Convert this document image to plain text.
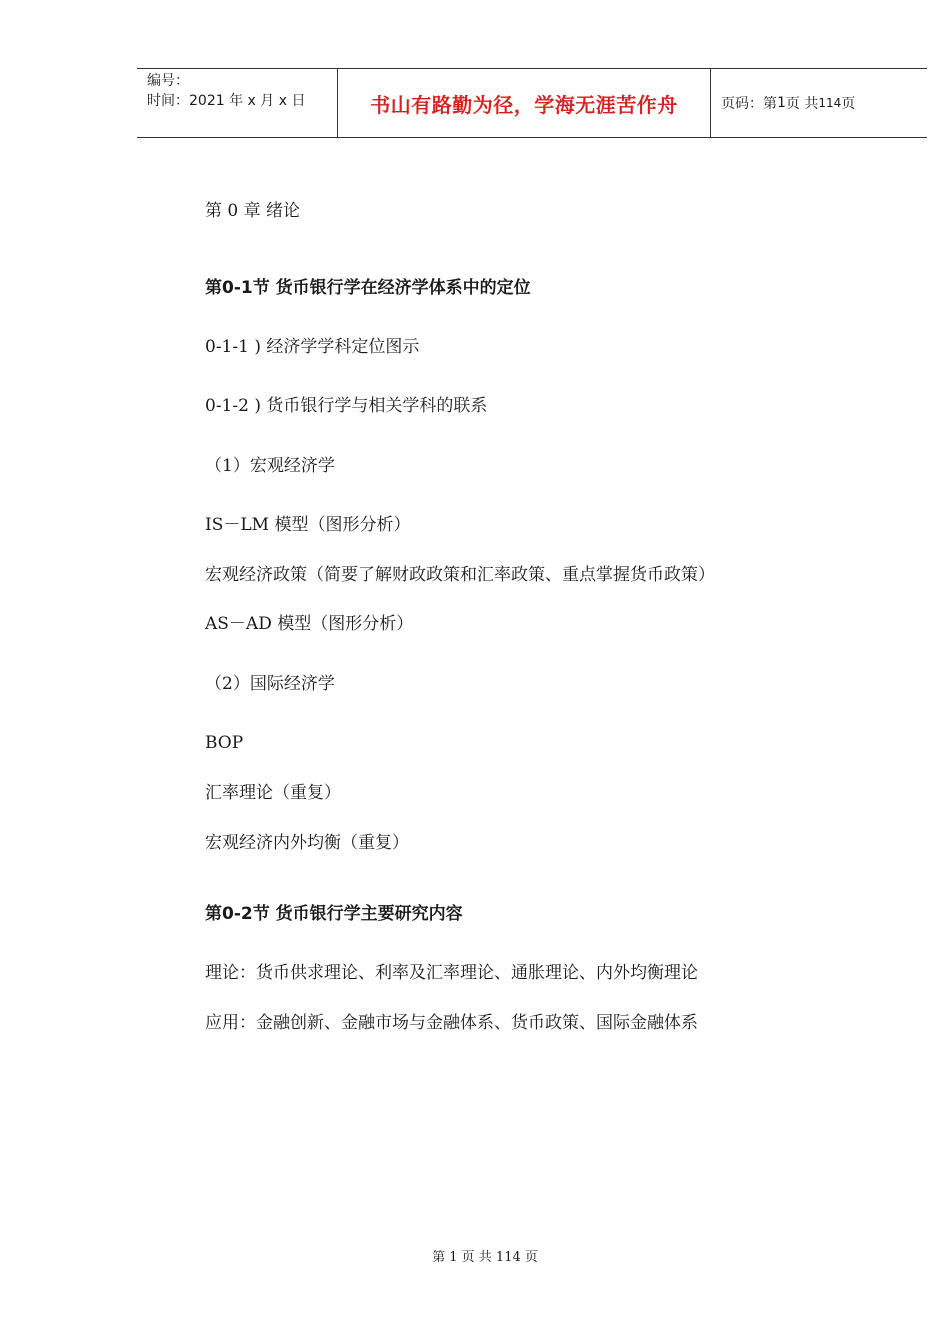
编号：
时间：2021 年 x 月 x 日	书山有路勤为径，学海无涯苦作舟	页码：第 1 页 共 114 页
第 0 章 绪论
第0-1节 货币银行学在经济学体系中的定位
0-1-1 ) 经济学学科定位图示
0-1-2 ) 货币银行学与相关学科的联系
（1）宏观经济学
IS－LM 模型（图形分析）
宏观经济政策（简要了解财政政策和汇率政策、重点掌握货币政策）
AS－AD 模型（图形分析）
（2）国际经济学
BOP
汇率理论（重复）
宏观经济内外均衡（重复）
第0-2节 货币银行学主要研究内容
理论：货币供求理论、利率及汇率理论、通胀理论、内外均衡理论
应用：金融创新、金融市场与金融体系、货币政策、国际金融体系
第 1 页 共 114 页
